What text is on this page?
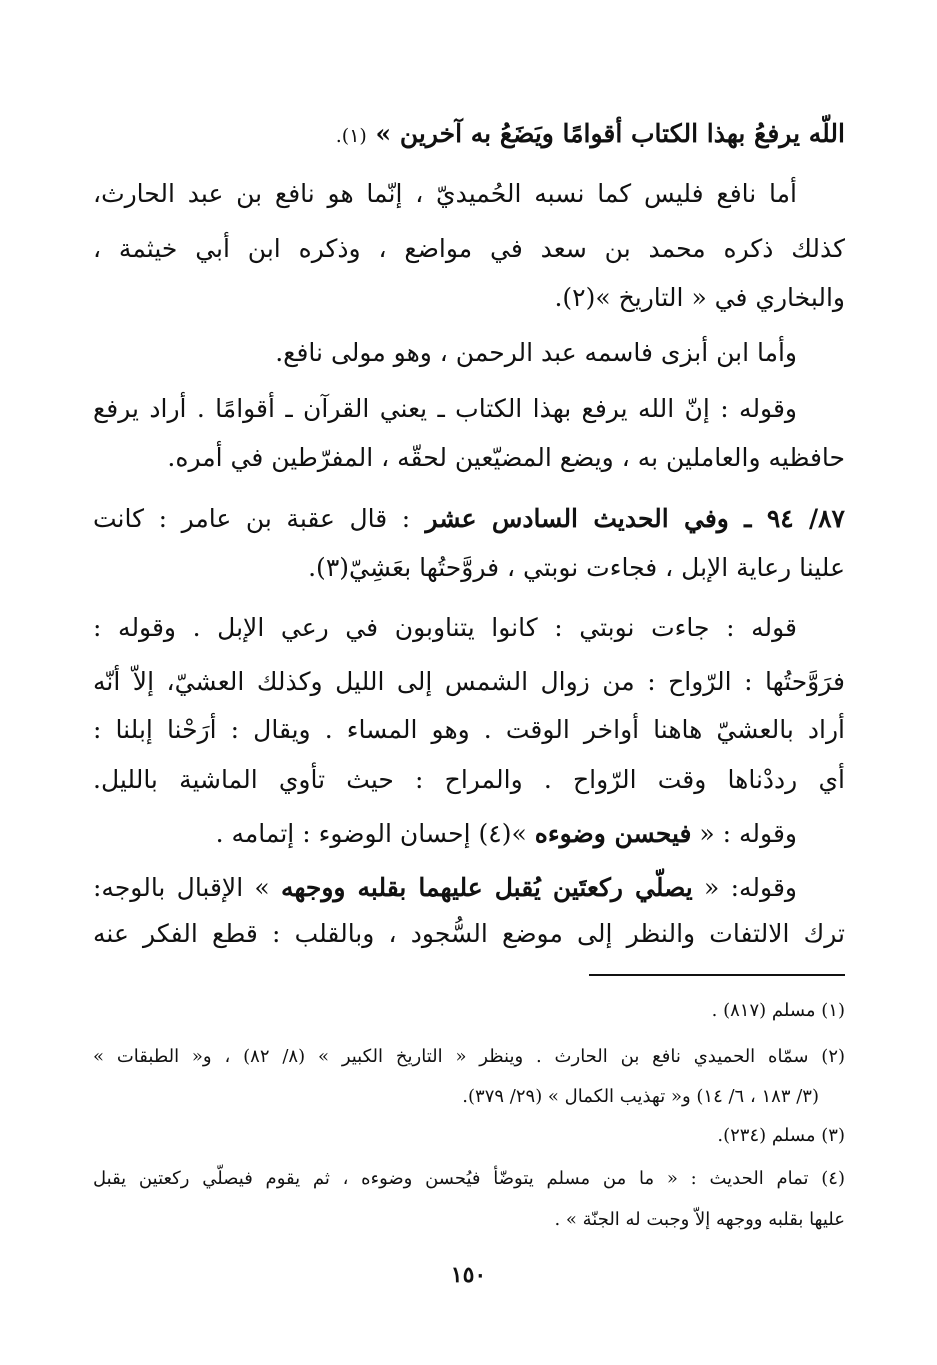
اللّه يرفعُ بهذا الكتاب أقوامًا ويَضَعُ به آخرين » (١).
أما نافع فليس كما نسبه الحُميديّ ، إنّما هو نافع بن عبد الحارث،
كذلك ذكره محمد بن سعد في مواضع ، وذكره ابن أبي خيثمة ،
والبخاري في « التاريخ »(٢).
وأما ابن أبزى فاسمه عبد الرحمن ، وهو مولى نافع.
وقوله : إنّ الله يرفع بهذا الكتاب ـ يعني القرآن ـ أقوامًا . أراد يرفع
حافظيه والعاملين به ، ويضع المضيّعين لحقّه ، المفرّطين في أمره.
٨٧/ ٩٤ ـ وفي الحديث السادس عشر : قال عقبة بن عامر : كانت
علينا رعاية الإبل ، فجاءت نوبتي ، فروَّحتُها بعَشِيّ(٣).
قوله : جاءت نوبتي : كانوا يتناوبون في رعي الإبل . وقوله :
فرَوَّحتُها : الرّواح : من زوال الشمس إلى الليل وكذلك العشيّ، إلاّ أنّه
أراد بالعشيّ هاهنا أواخر الوقت . وهو المساء . ويقال : أرَحْنا إبلنا :
أي رددْناها وقت الرّواح . والمراح : حيث تأوي الماشية بالليل.
وقوله : « فيحسن وضوءه »(٤) إحسان الوضوء : إتمامه .
وقوله: « يصلّي ركعتَين يُقبل عليهما بقلبه ووجهه » الإقبال بالوجه:
ترك الالتفات والنظر إلى موضع السُّجود ، وبالقلب : قطع الفكر عنه
(١) مسلم (٨١٧) .
(٢) سمّاه الحميدي نافع بن الحارث . وينظر « التاريخ الكبير » (٨/ ٨٢) ، و« الطبقات »
(٣/ ١٨٣ ، ٦/ ١٤) و« تهذيب الكمال » (٢٩/ ٣٧٩).
(٣) مسلم (٢٣٤).
(٤) تمام الحديث : « ما من مسلم يتوضّأ فيُحسن وضوءه ، ثم يقوم فيصلّي ركعتين يقبل
عليها بقلبه ووجهه إلاّ وجبت له الجنّة » .
١٥٠
